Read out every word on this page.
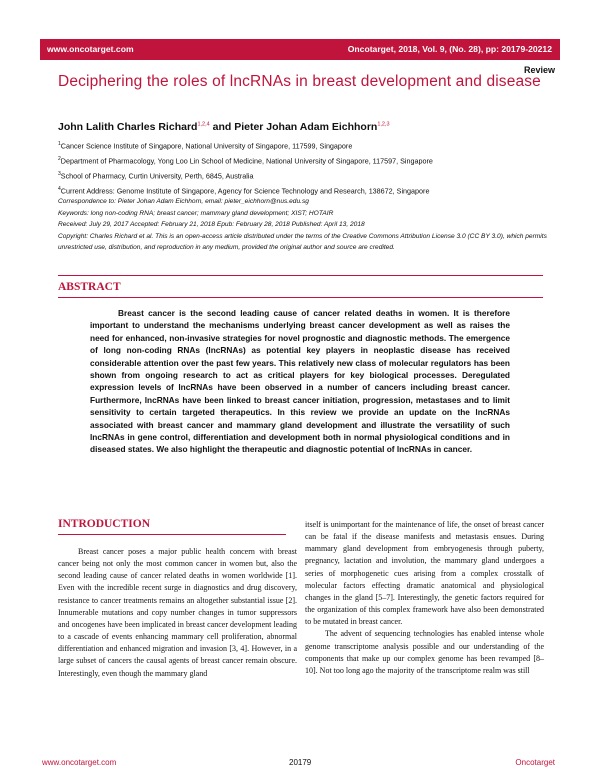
www.oncotarget.com	Oncotarget, 2018, Vol. 9, (No. 28), pp: 20179-20212
Review
Deciphering the roles of lncRNAs in breast development and disease
John Lalith Charles Richard$^{1,2,4}$ and Pieter Johan Adam Eichhorn$^{1,2,3}$
$^1$Cancer Science Institute of Singapore, National University of Singapore, 117599, Singapore
$^2$Department of Pharmacology, Yong Loo Lin School of Medicine, National University of Singapore, 117597, Singapore
$^3$School of Pharmacy, Curtin University, Perth, 6845, Australia
$^4$Current Address: Genome Institute of Singapore, Agency for Science Technology and Research, 138672, Singapore
Correspondence to: Pieter Johan Adam Eichhorn, email: pieter_eichhorn@nus.edu.sg
Keywords: long non-coding RNA; breast cancer; mammary gland development; XIST; HOTAIR
Received: July 29, 2017 Accepted: February 21, 2018 Epub: February 28, 2018 Published: April 13, 2018
Copyright: Charles Richard et al. This is an open-access article distributed under the terms of the Creative Commons Attribution License 3.0 (CC BY 3.0), which permits unrestricted use, distribution, and reproduction in any medium, provided the original author and source are credited.
ABSTRACT

Breast cancer is the second leading cause of cancer related deaths in women. It is therefore important to understand the mechanisms underlying breast cancer development as well as raises the need for enhanced, non-invasive strategies for novel prognostic and diagnostic methods. The emergence of long non-coding RNAs (lncRNAs) as potential key players in neoplastic disease has received considerable attention over the past few years. This relatively new class of molecular regulators has been shown from ongoing research to act as critical players for key biological processes. Deregulated expression levels of lncRNAs have been observed in a number of cancers including breast cancer. Furthermore, lncRNAs have been linked to breast cancer initiation, progression, metastases and to limit sensitivity to certain targeted therapeutics. In this review we provide an update on the lncRNAs associated with breast cancer and mammary gland development and illustrate the versatility of such lncRNAs in gene control, differentiation and development both in normal physiological conditions and in diseased states. We also highlight the therapeutic and diagnostic potential of lncRNAs in cancer.

INTRODUCTION

Breast cancer poses a major public health concern with breast cancer being not only the most common cancer in women but, also the second leading cause of cancer related deaths in women worldwide [1]. Even with the incredible recent surge in diagnostics and drug discovery, resistance to cancer treatments remains an altogether substantial issue [2]. Innumerable mutations and copy number changes in tumor suppressors and oncogenes have been implicated in breast cancer development leading to a cascade of events enhancing mammary cell proliferation, abnormal differentiation and enhanced migration and invasion [3, 4]. However, in a large subset of cancers the causal agents of breast cancer remain obscure. Interestingly, even though the mammary gland

itself is unimportant for the maintenance of life, the onset of breast cancer can be fatal if the disease manifests and metastasis ensues. During mammary gland development from embryogenesis through puberty, pregnancy, lactation and involution, the mammary gland undergoes a series of morphogenetic cues arising from a complex crosstalk of molecular factors effecting dramatic anatomical and physiological changes in the gland [5–7]. Interestingly, the genetic factors required for the organization of this complex framework have also been demonstrated to be mutated in breast cancer.

The advent of sequencing technologies has enabled intense whole genome transcriptome analysis possible and our understanding of the components that make up our complex genome has been revamped [8–10]. Not too long ago the majority of the transcriptome realm was still

www.oncotarget.com	20179	Oncotarget
